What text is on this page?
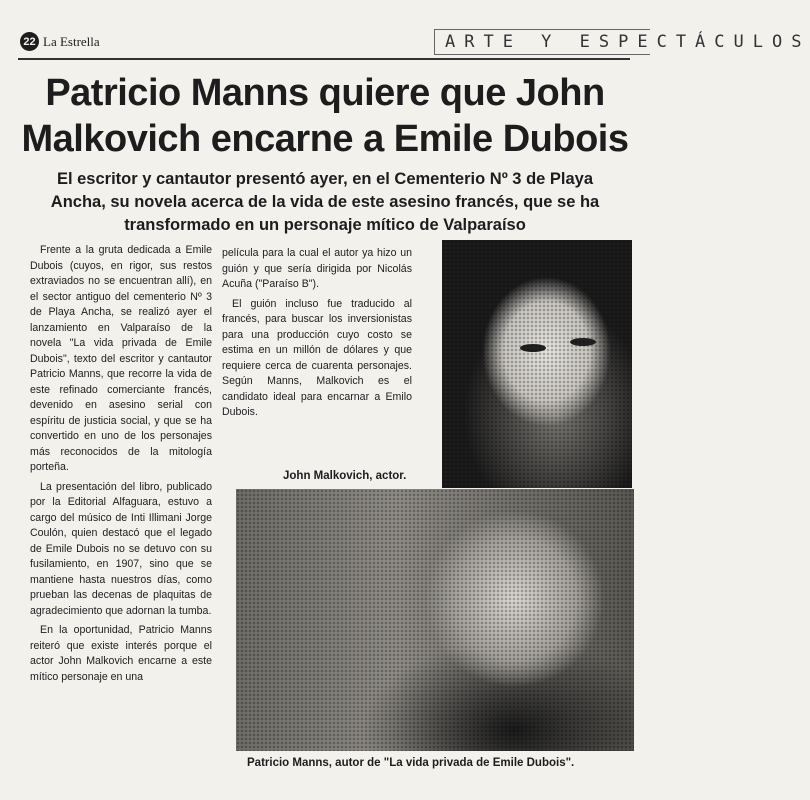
22 La Estrella	ARTE Y ESPECTÁCULOS
Patricio Manns quiere que John Malkovich encarne a Emile Dubois
El escritor y cantautor presentó ayer, en el Cementerio Nº 3 de Playa Ancha, su novela acerca de la vida de este asesino francés, que se ha transformado en un personaje mítico de Valparaíso

Frente a la gruta dedicada a Emile Dubois (cuyos, en rigor, sus restos extraviados no se encuentran allí), en el sector antiguo del cementerio Nº 3 de Playa Ancha, se realizó ayer el lanzamiento en Valparaíso de la novela "La vida privada de Emile Dubois", texto del escritor y cantautor Patricio Manns, que recorre la vida de este refinado comerciante francés, devenido en asesino serial con espíritu de justicia social, y que se ha convertido en uno de los personajes más reconocidos de la mitología porteña.

La presentación del libro, publicado por la Editorial Alfaguara, estuvo a cargo del músico de Inti Illimani Jorge Coulón, quien destacó que el legado de Emile Dubois no se detuvo con su fusilamiento, en 1907, sino que se mantiene hasta nuestros días, como prueban las decenas de plaquitas de agradecimiento que adornan la tumba.

En la oportunidad, Patricio Manns reiteró que existe interés porque el actor John Malkovich encarne a este mítico personaje en una

película para la cual el autor ya hizo un guión y que sería dirigida por Nicolás Acuña ("Paraíso B").

El guión incluso fue traducido al francés, para buscar los inversionistas para una producción cuyo costo se estima en un millón de dólares y que requiere cerca de cuarenta personajes. Según Manns, Malkovich es el candidato ideal para encarnar a Emilo Dubois.

John Malkovich, actor.
Patricio Manns, autor de "La vida privada de Emile Dubois".
